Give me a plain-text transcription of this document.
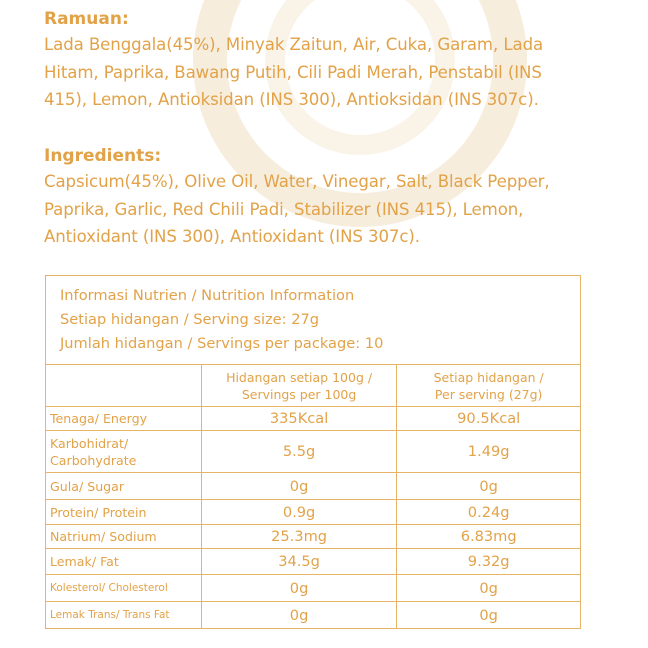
Ramuan:

Lada Benggala(45%), Minyak Zaitun, Air, Cuka, Garam, Lada
Hitam, Paprika, Bawang Putih, Cili Padi Merah, Penstabil (INS
415), Lemon, Antioksidan (INS 300), Antioksidan (INS 307c).

Ingredients:

Capsicum(45%), Olive Oil, Water, Vinegar, Salt, Black Pepper,
Paprika, Garlic, Red Chili Padi, Stabilizer (INS 415), Lemon,
Antioxidant (INS 300), Antioxidant (INS 307c).

Informasi Nutrien / Nutrition Information
Setiap hidangan / Serving size: 27g
Jumlah hidangan / Servings per package: 10		

	Hidangan setiap 100g /
Servings per 100g	Setiap hidangan /
Per serving (27g)

Tenaga/ Energy	335Kcal	90.5Kcal

Karbohidrat/
Carbohydrate	5.5g	1.49g

Gula/ Sugar	0g	0g

Protein/ Protein	0.9g	0.24g

Natrium/ Sodium	25.3mg	6.83mg

Lemak/ Fat	34.5g	9.32g

Kolesterol/ Cholesterol	0g	0g

Lemak Trans/ Trans Fat	0g	0g
